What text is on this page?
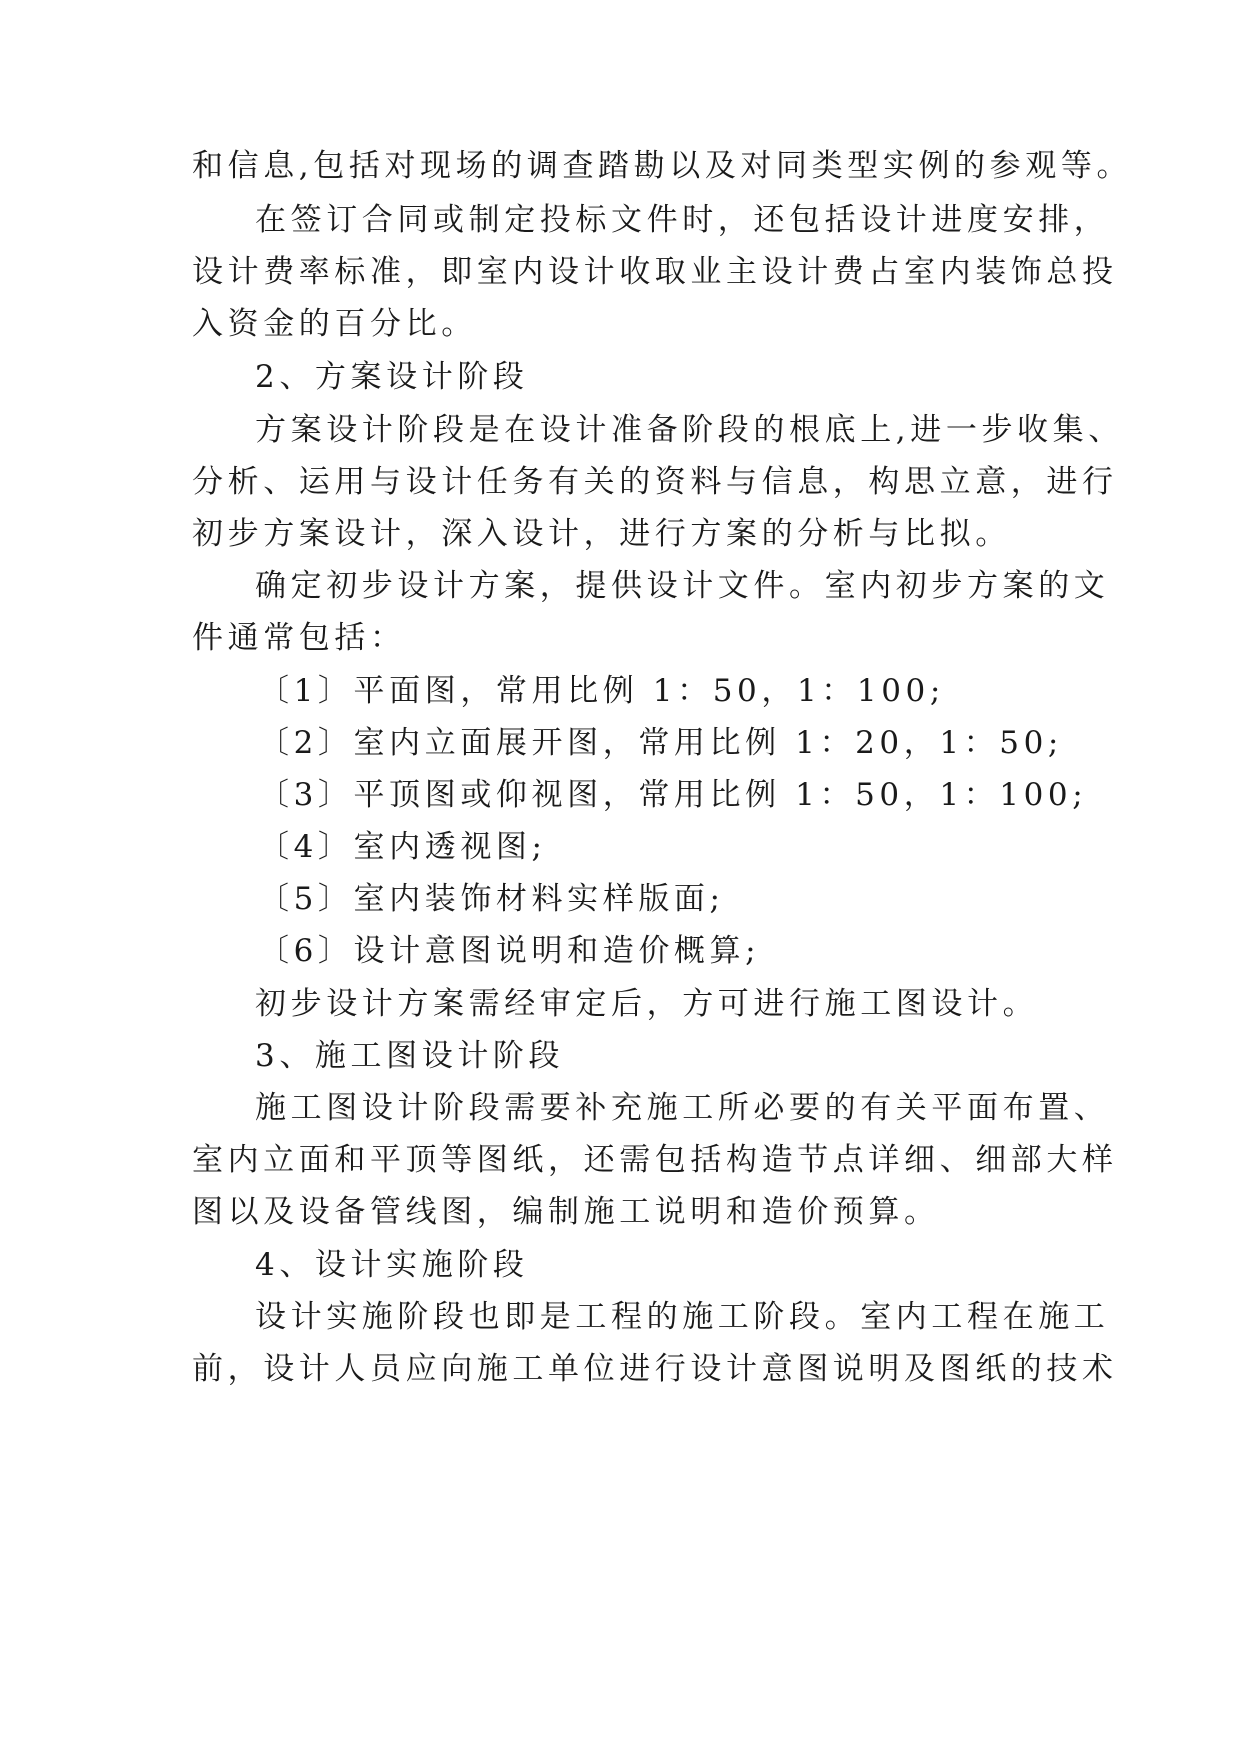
和信息,包括对现场的调查踏勘以及对同类型实例的参观等。

在签订合同或制定投标文件时，还包括设计进度安排，

设计费率标准，即室内设计收取业主设计费占室内装饰总投

入资金的百分比。

2、方案设计阶段

方案设计阶段是在设计准备阶段的根底上,进一步收集、

分析、运用与设计任务有关的资料与信息，构思立意，进行

初步方案设计，深入设计，进行方案的分析与比拟。

确定初步设计方案，提供设计文件。室内初步方案的文

件通常包括：

〔1〕平面图，常用比例 1：50，1：100;

〔2〕室内立面展开图，常用比例 1：20，1：50;

〔3〕平顶图或仰视图，常用比例 1：50，1：100;

〔4〕室内透视图;

〔5〕室内装饰材料实样版面;

〔6〕设计意图说明和造价概算;

初步设计方案需经审定后，方可进行施工图设计。

3、施工图设计阶段

施工图设计阶段需要补充施工所必要的有关平面布置、

室内立面和平顶等图纸，还需包括构造节点详细、细部大样

图以及设备管线图，编制施工说明和造价预算。

4、设计实施阶段

设计实施阶段也即是工程的施工阶段。室内工程在施工

前，设计人员应向施工单位进行设计意图说明及图纸的技术
